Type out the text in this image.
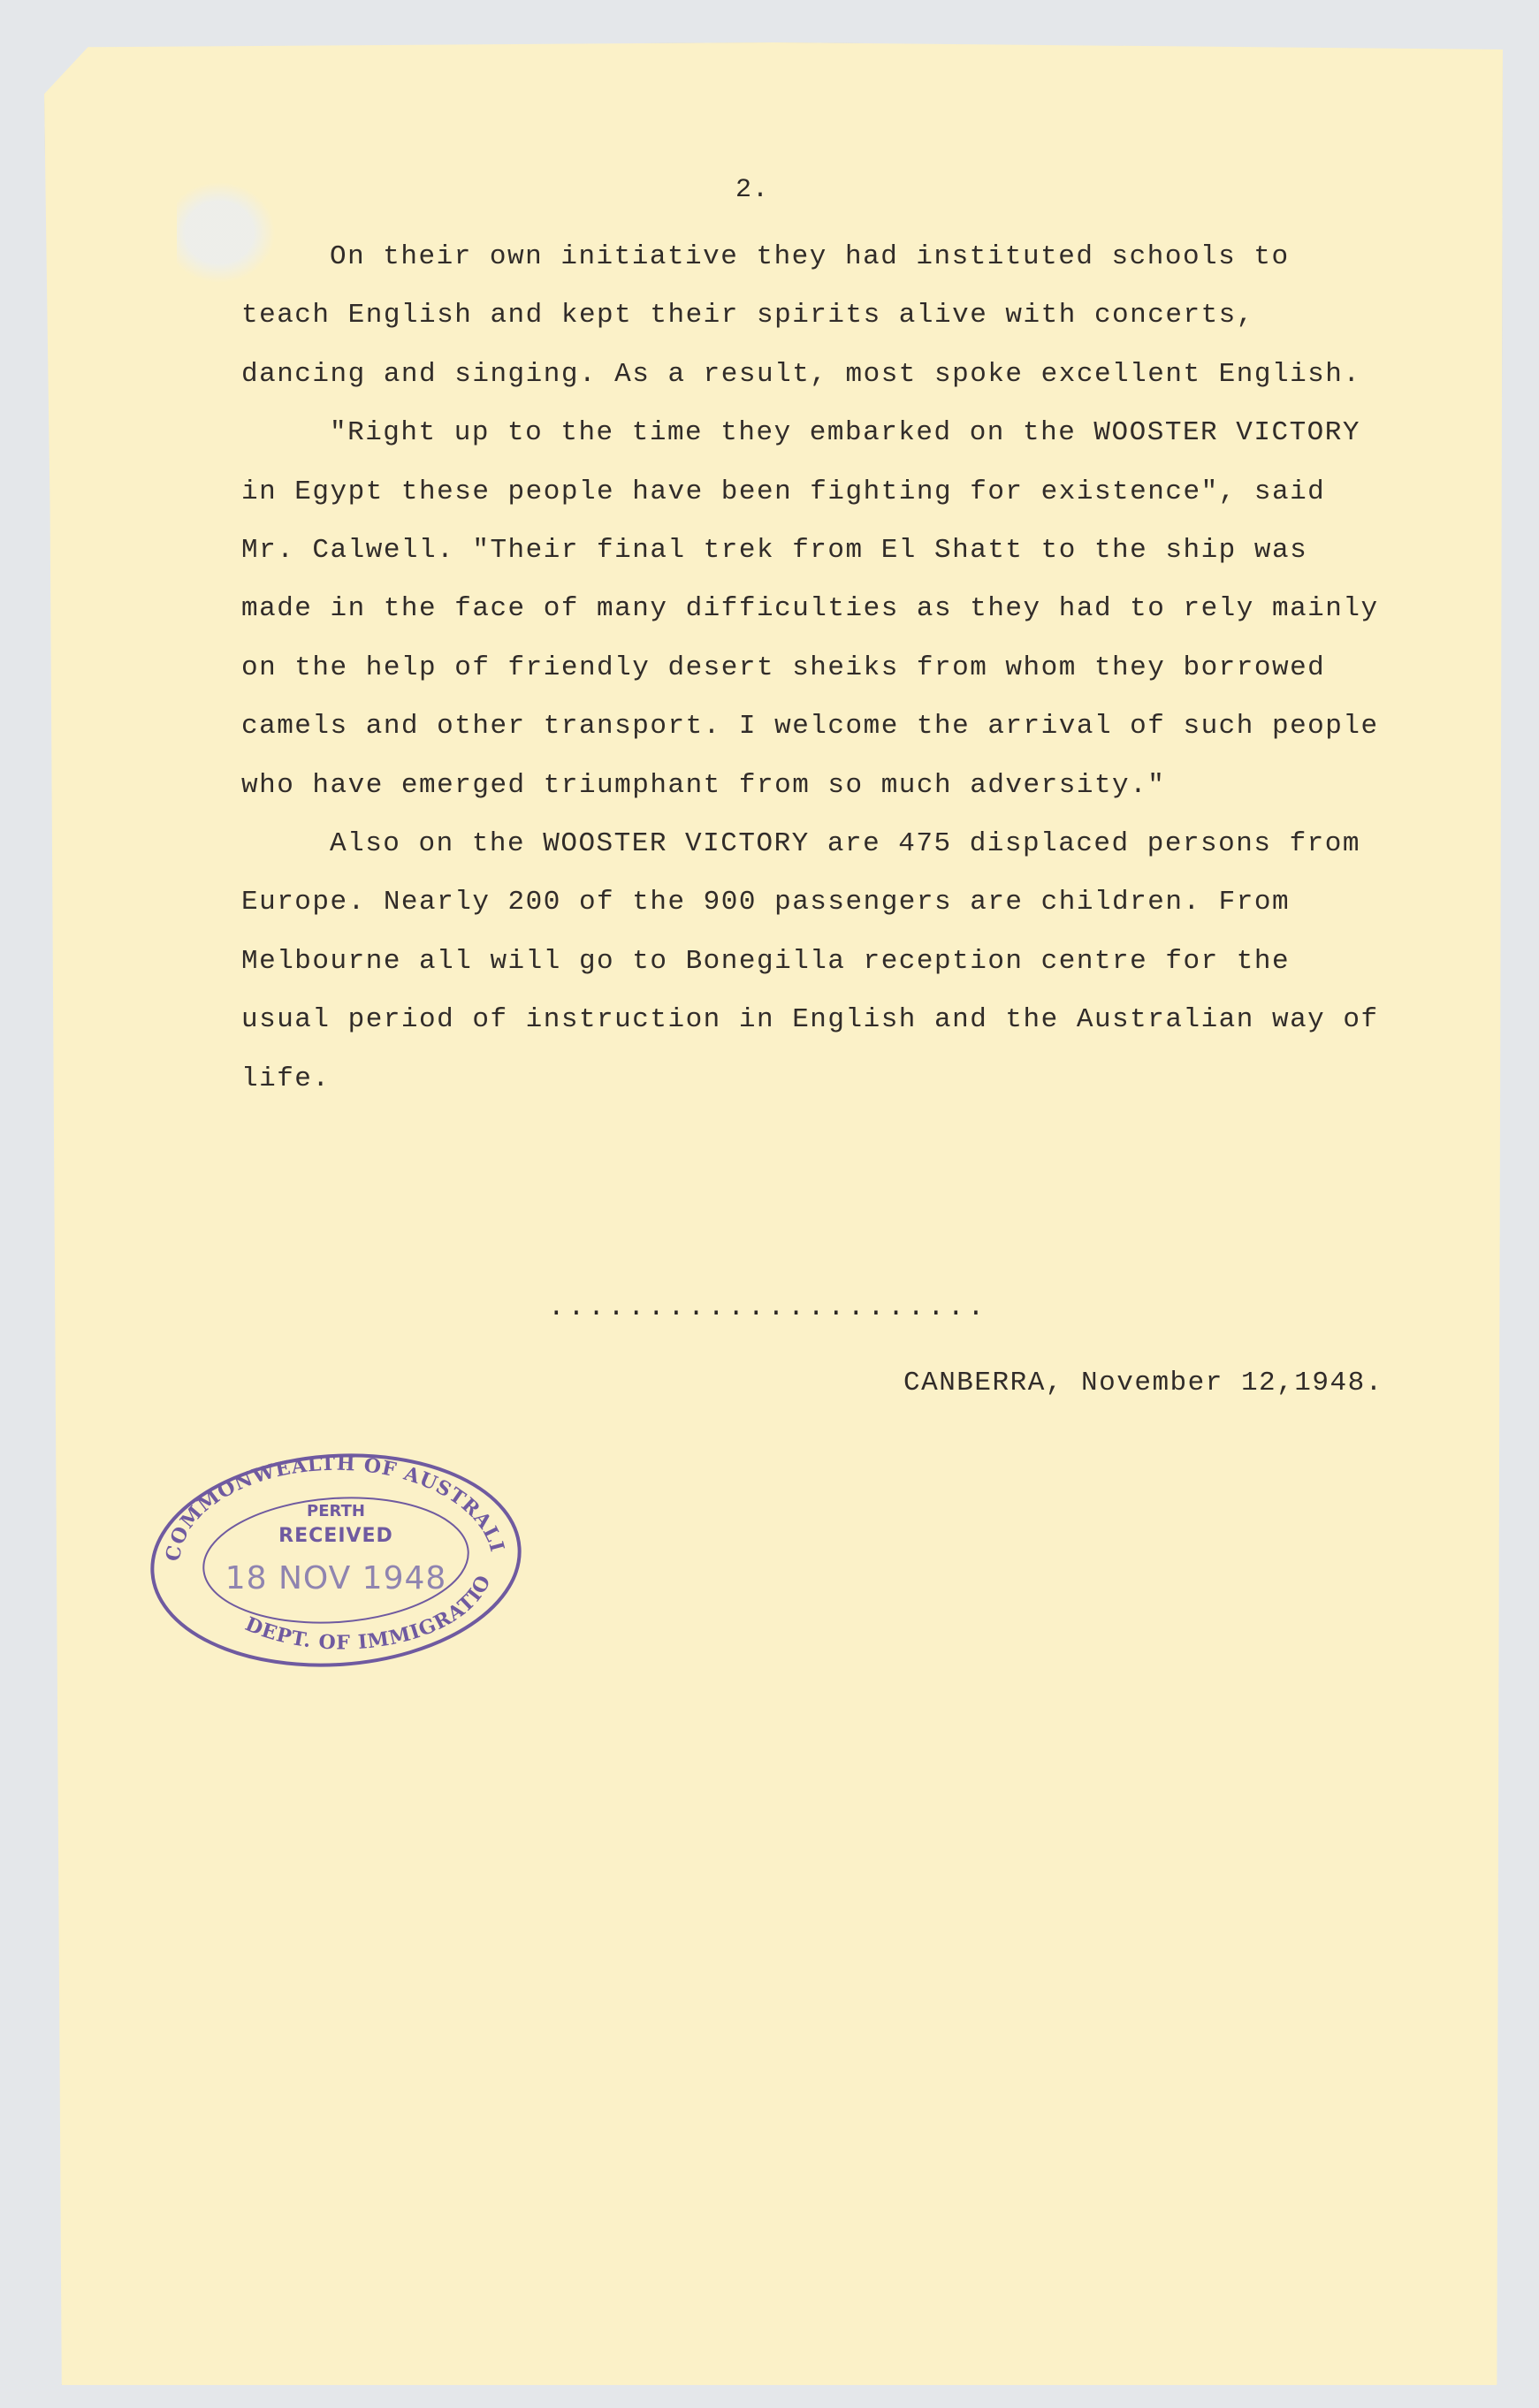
2.

On their own initiative they had instituted schools to teach English and kept their spirits alive with concerts, dancing and singing. As a result, most spoke excellent English.

"Right up to the time they embarked on the WOOSTER VICTORY in Egypt these people have been fighting for existence", said Mr. Calwell. "Their final trek from El Shatt to the ship was made in the face of many difficulties as they had to rely mainly on the help of friendly desert sheiks from whom they borrowed camels and other transport. I welcome the arrival of such people who have emerged triumphant from so much adversity."

Also on the WOOSTER VICTORY are 475 displaced persons from Europe. Nearly 200 of the 900 passengers are children. From Melbourne all will go to Bonegilla reception centre for the usual period of instruction in English and the Australian way of life.

......................
CANBERRA, November 12,1948.
COMMONWEALTH OF AUSTRALI
DEPT. OF IMMIGRATIO
PERTH
RECEIVED
18 NOV 1948
